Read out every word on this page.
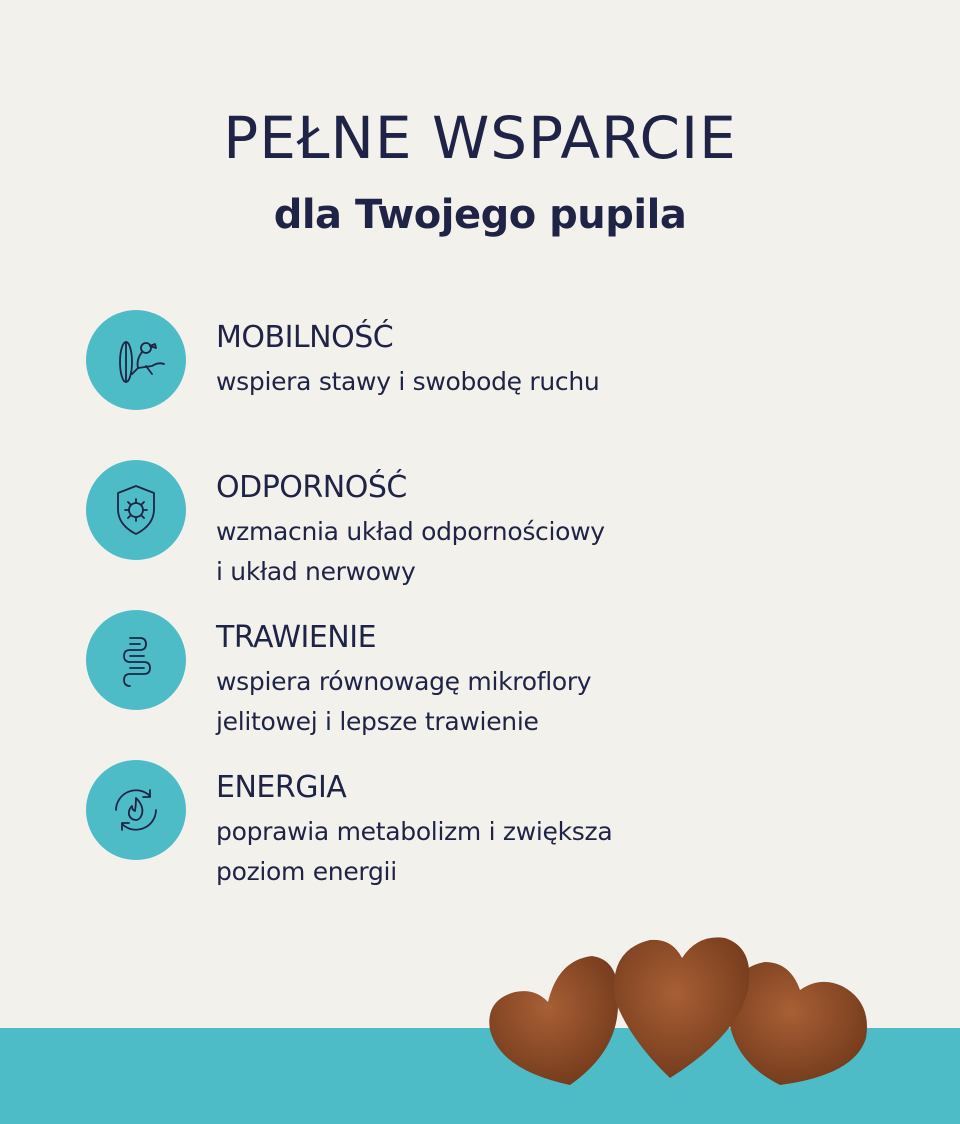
PEŁNE WSPARCIE
dla Twojego pupila
MOBILNOŚĆ
wspiera stawy i swobodę ruchu
ODPORNOŚĆ
wzmacnia układ odpornościowy
i układ nerwowy
TRAWIENIE
wspiera równowagę mikroflory
jelitowej i lepsze trawienie
ENERGIA
poprawia metabolizm i zwiększa
poziom energii
